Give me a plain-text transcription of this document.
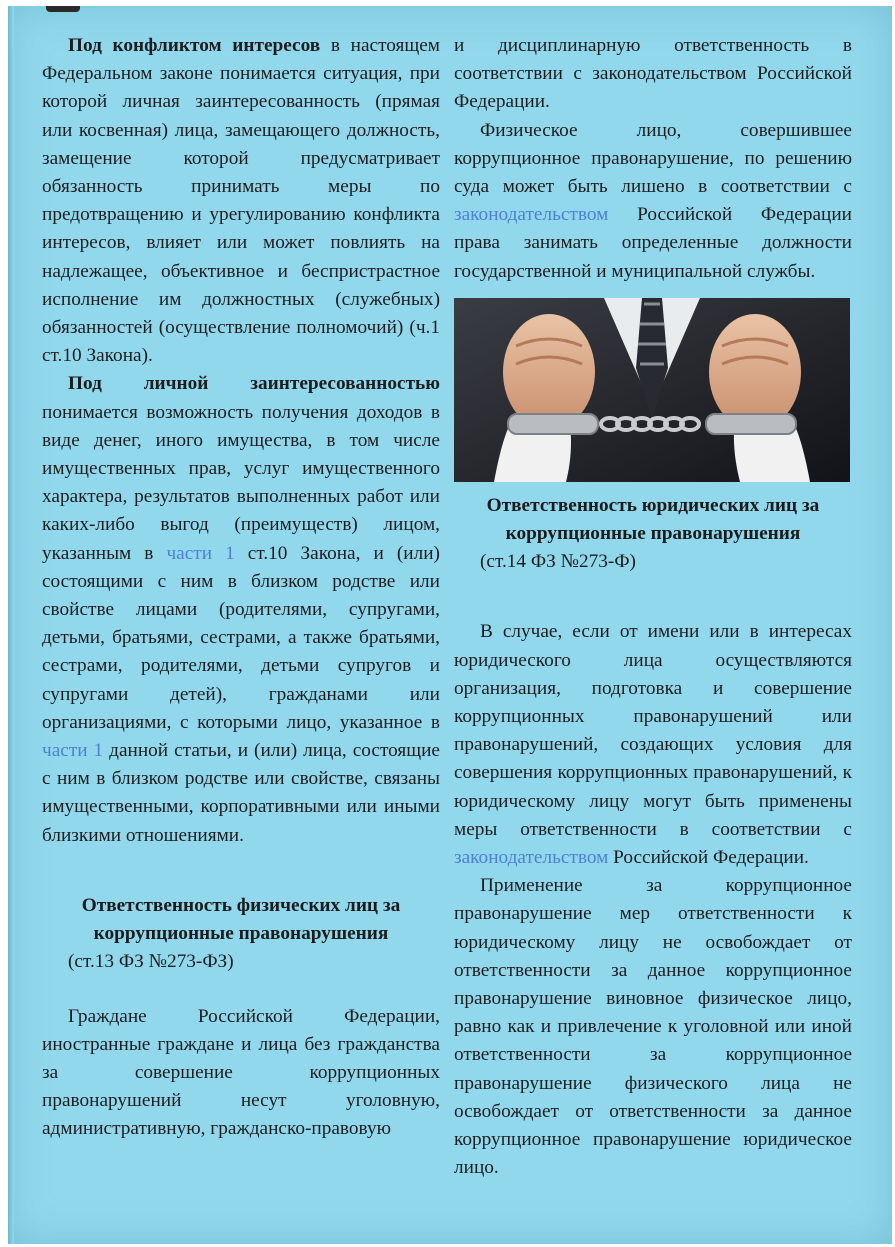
Под конфликтом интересов в настоящем Федеральном законе понимается ситуация, при которой личная заинтересованность (прямая или косвенная) лица, замещающего должность, замещение которой предусматривает обязанность принимать меры по предотвращению и урегулированию конфликта интересов, влияет или может повлиять на надлежащее, объективное и беспристрастное исполнение им должностных (служебных) обязанностей (осуществление полномочий) (ч.1 ст.10 Закона).

Под личной заинтересованностью понимается возможность получения доходов в виде денег, иного имущества, в том числе имущественных прав, услуг имущественного характера, результатов выполненных работ или каких-либо выгод (преимуществ) лицом, указанным в части 1 ст.10 Закона, и (или) состоящими с ним в близком родстве или свойстве лицами (родителями, супругами, детьми, братьями, сестрами, а также братьями, сестрами, родителями, детьми супругов и супругами детей), гражданами или организациями, с которыми лицо, указанное в части 1 данной статьи, и (или) лица, состоящие с ним в близком родстве или свойстве, связаны имущественными, корпоративными или иными близкими отношениями.

Ответственность физических лиц за коррупционные правонарушения

(ст.13 ФЗ №273-ФЗ)

Граждане Российской Федерации, иностранные граждане и лица без гражданства за совершение коррупционных правонарушений несут уголовную, административную, гражданско-правовую

и дисциплинарную ответственность в соответствии с законодательством Российской Федерации.

Физическое лицо, совершившее коррупционное правонарушение, по решению суда может быть лишено в соответствии с законодательством Российской Федерации права занимать определенные должности государственной и муниципальной службы.

Ответственность юридических лиц за коррупционные правонарушения

(ст.14 ФЗ №273-Ф)

В случае, если от имени или в интересах юридического лица осуществляются организация, подготовка и совершение коррупционных правонарушений или правонарушений, создающих условия для совершения коррупционных правонарушений, к юридическому лицу могут быть применены меры ответственности в соответствии с законодательством Российской Федерации.

Применение за коррупционное правонарушение мер ответственности к юридическому лицу не освобождает от ответственности за данное коррупционное правонарушение виновное физическое лицо, равно как и привлечение к уголовной или иной ответственности за коррупционное правонарушение физического лица не освобождает от ответственности за данное коррупционное правонарушение юридическое лицо.
